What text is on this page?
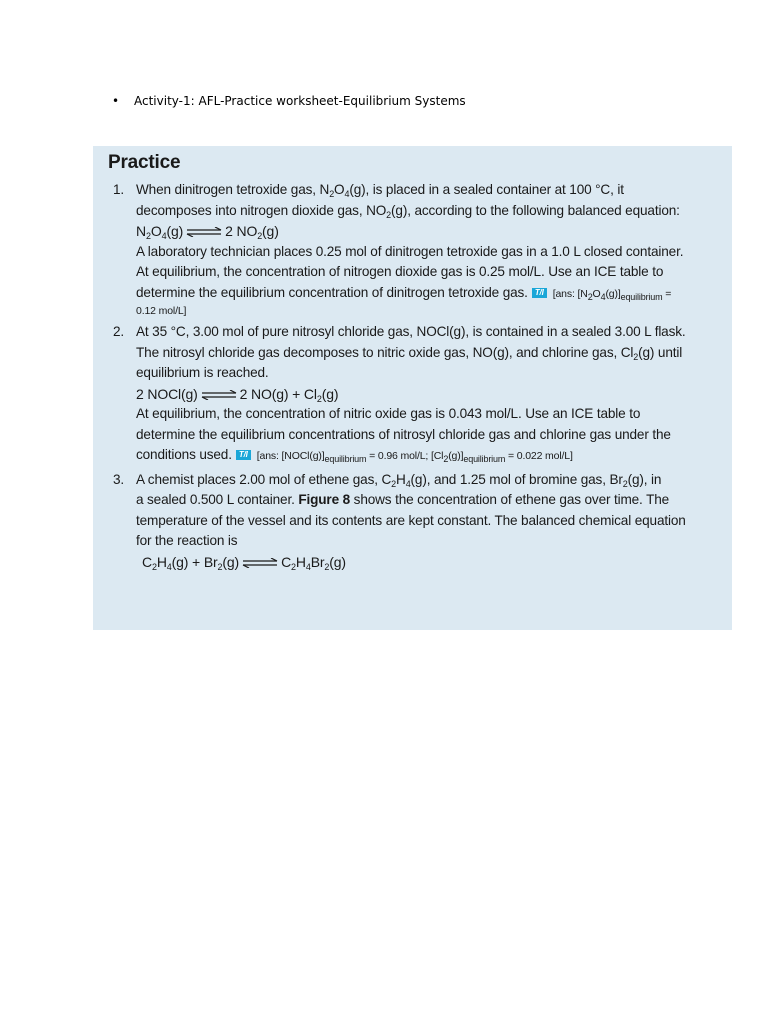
• Activity-1: AFL-Practice worksheet-Equilibrium Systems
Practice
1. When dinitrogen tetroxide gas, $N_2O_4(g)$, is placed in a sealed container at 100 °C, it

decomposes into nitrogen dioxide gas, $NO_2(g)$, according to the following balanced equation:

$N_2O_4(g)$ ⇌ 2 $NO_2(g)$

A laboratory technician places 0.25 mol of dinitrogen tetroxide gas in a 1.0 L closed container.

At equilibrium, the concentration of nitrogen dioxide gas is 0.25 mol/L. Use an ICE table to

determine the equilibrium concentration of dinitrogen tetroxide gas. T/I [ans: $[N_2O_4(g)]_{equilibrium}$ =

0.12 mol/L]

2. At 35 °C, 3.00 mol of pure nitrosyl chloride gas, NOCl(g), is contained in a sealed 3.00 L flask.

The nitrosyl chloride gas decomposes to nitric oxide gas, NO(g), and chlorine gas, $Cl_2(g)$ until

equilibrium is reached.

2 NOCl(g) ⇌ 2 $NO(g) + Cl_2(g)$

At equilibrium, the concentration of nitric oxide gas is 0.043 mol/L. Use an ICE table to

determine the equilibrium concentrations of nitrosyl chloride gas and chlorine gas under the

conditions used. T/I [ans: $[NOCl(g)]_{equilibrium} = 0.96$ mol/L; $[Cl_2(g)]_{equilibrium} = 0.022$ mol/L]

3. A chemist places 2.00 mol of ethene gas, $C_2H_4(g)$, and 1.25 mol of bromine gas, $Br_2(g)$, in

a sealed 0.500 L container. Figure 8 shows the concentration of ethene gas over time. The

temperature of the vessel and its contents are kept constant. The balanced chemical equation

for the reaction is

$C_2H_4(g) + Br_2(g)$ ⇌ $C_2H_4Br_2(g)$
